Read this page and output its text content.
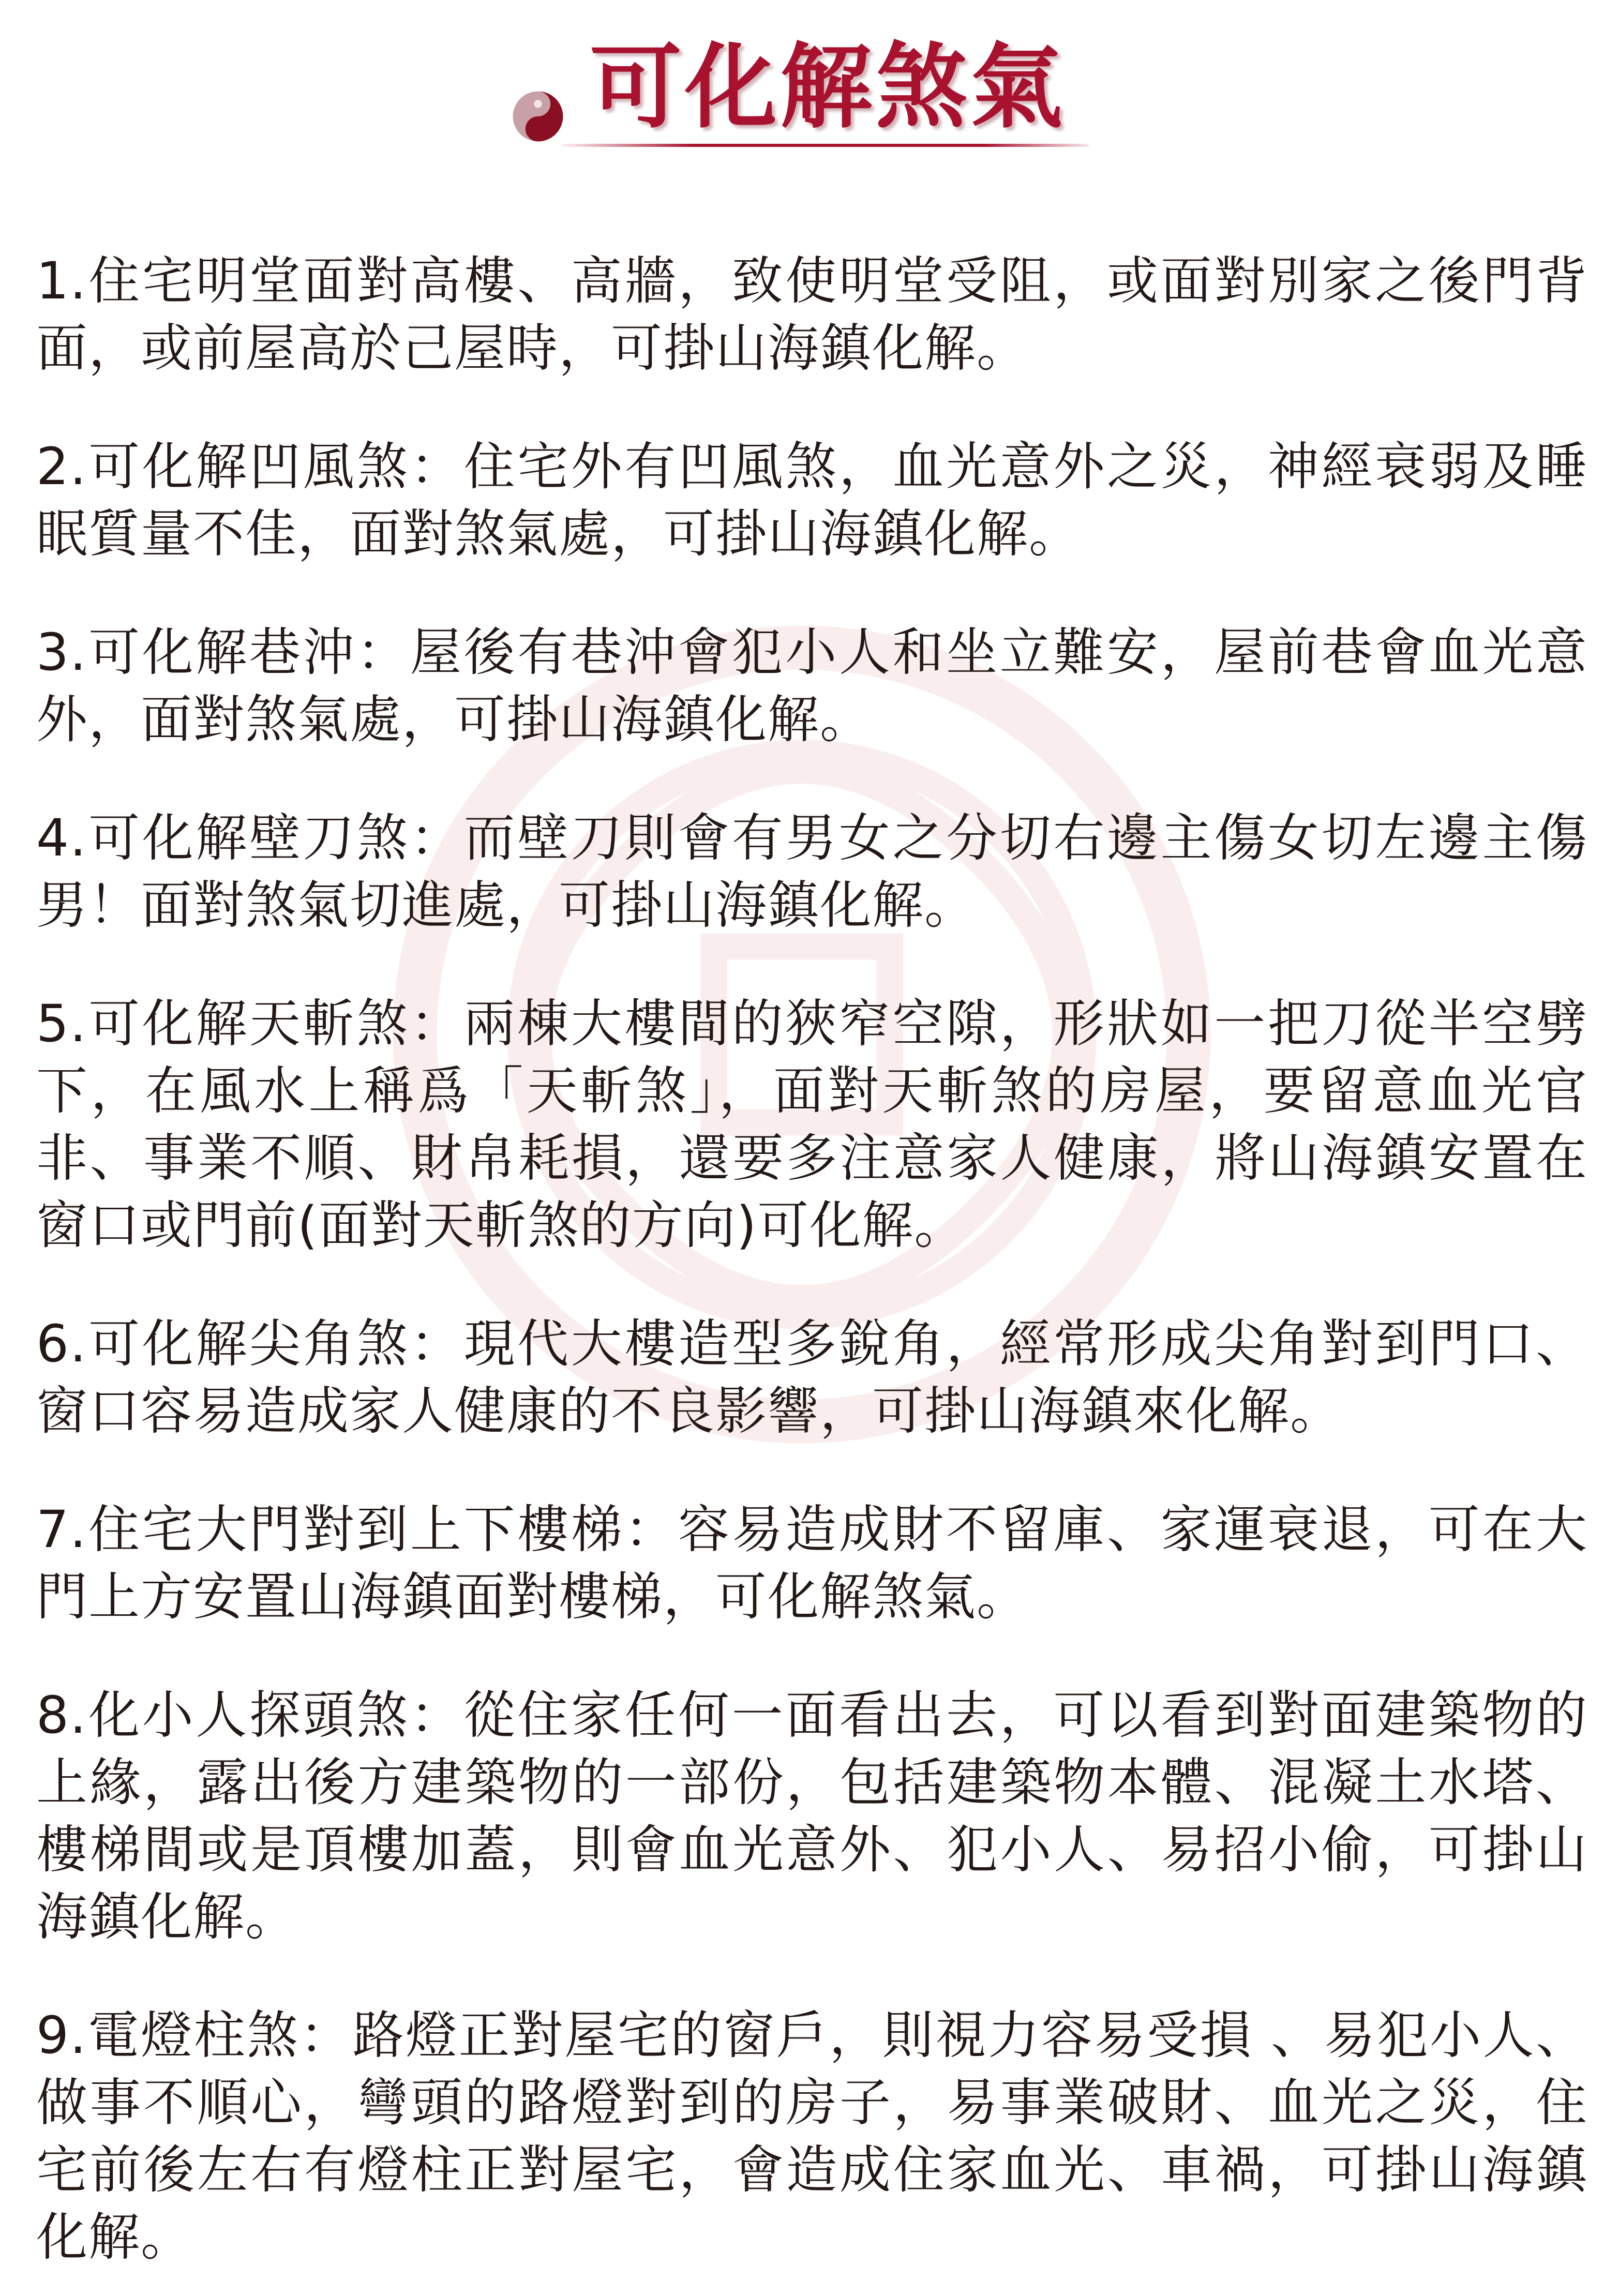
可化解煞氣

1.住宅明堂面對高樓、高牆，致使明堂受阻，或面對別家之後門背面，或前屋高於己屋時，可掛山海鎮化解。

2.可化解凹風煞：住宅外有凹風煞，血光意外之災，神經衰弱及睡眠質量不佳，面對煞氣處，可掛山海鎮化解。

3.可化解巷沖：屋後有巷沖會犯小人和坐立難安，屋前巷會血光意外，面對煞氣處，可掛山海鎮化解。

4.可化解壁刀煞：而壁刀則會有男女之分切右邊主傷女切左邊主傷男！面對煞氣切進處，可掛山海鎮化解。

5.可化解天斬煞：兩棟大樓間的狹窄空隙，形狀如一把刀從半空劈下，在風水上稱爲「天斬煞」，面對天斬煞的房屋，要留意血光官非、事業不順、財帛耗損，還要多注意家人健康，將山海鎮安置在窗口或門前(面對天斬煞的方向)可化解。

6.可化解尖角煞：現代大樓造型多銳角，經常形成尖角對到門口、窗口容易造成家人健康的不良影響，可掛山海鎮來化解。

7.住宅大門對到上下樓梯：容易造成財不留庫、家運衰退，可在大門上方安置山海鎮面對樓梯，可化解煞氣。

8.化小人探頭煞：從住家任何一面看出去，可以看到對面建築物的上緣，露出後方建築物的一部份，包括建築物本體、混凝土水塔、樓梯間或是頂樓加蓋，則會血光意外、犯小人、易招小偷，可掛山海鎮化解。

9.電燈柱煞：路燈正對屋宅的窗戶，則視力容易受損 、易犯小人、做事不順心，彎頭的路燈對到的房子，易事業破財、血光之災，住宅前後左右有燈柱正對屋宅，會造成住家血光、車禍，可掛山海鎮化解。
